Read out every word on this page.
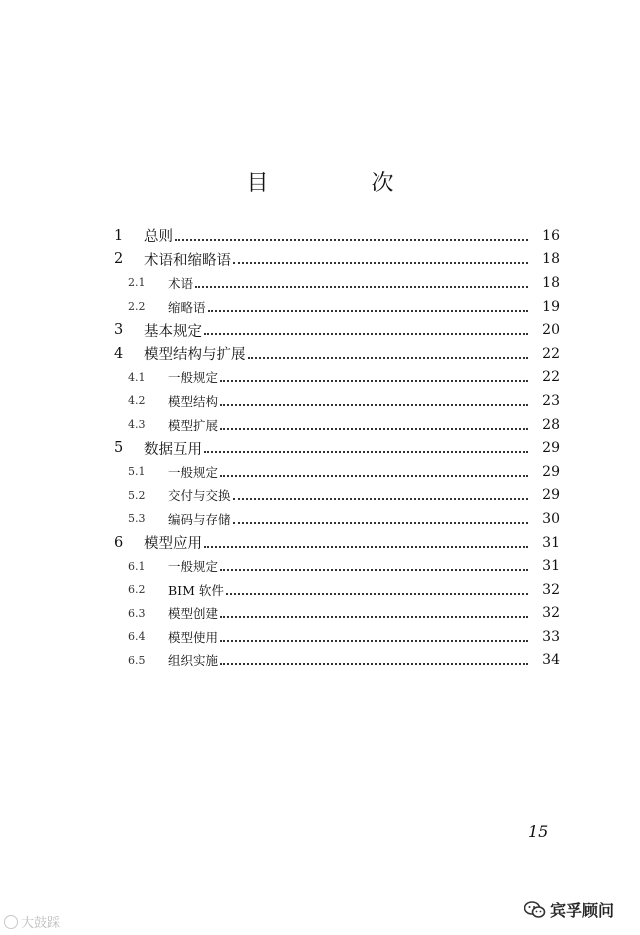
目 次
1	总则	16
2	术语和缩略语	18
2.1	术语	18
2.2	缩略语	19
3	基本规定	20
4	模型结构与扩展	22
4.1	一般规定	22
4.2	模型结构	23
4.3	模型扩展	28
5	数据互用	29
5.1	一般规定	29
5.2	交付与交换	29
5.3	编码与存储	30
6	模型应用	31
6.1	一般规定	31
6.2	BIM 软件	32
6.3	模型创建	32
6.4	模型使用	33
6.5	组织实施	34
15
大鼓踩
宾孚顾问
